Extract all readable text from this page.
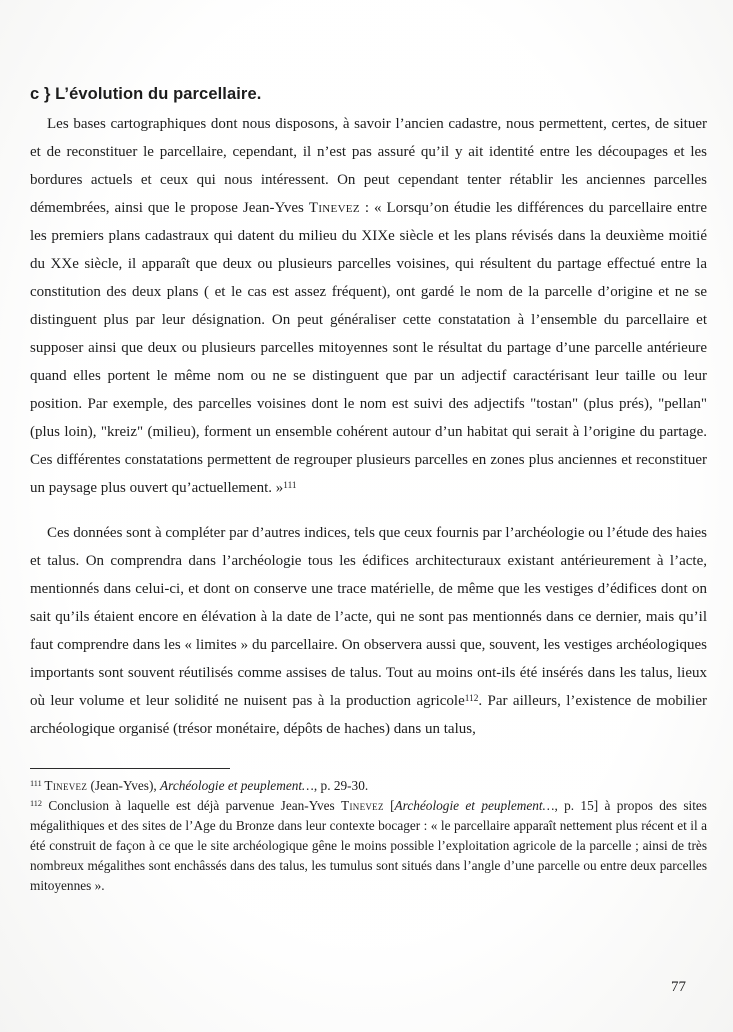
c } L’évolution du parcellaire.

Les bases cartographiques dont nous disposons, à savoir l’ancien cadastre, nous permettent, certes, de situer et de reconstituer le parcellaire, cependant, il n’est pas assuré qu’il y ait identité entre les découpages et les bordures actuels et ceux qui nous intéressent. On peut cependant tenter rétablir les anciennes parcelles démembrées, ainsi que le propose Jean-Yves Tinevez : « Lorsqu’on étudie les différences du parcellaire entre les premiers plans cadastraux qui datent du milieu du XIXe siècle et les plans révisés dans la deuxième moitié du XXe siècle, il apparaît que deux ou plusieurs parcelles voisines, qui résultent du partage effectué entre la constitution des deux plans ( et le cas est assez fréquent), ont gardé le nom de la parcelle d’origine et ne se distinguent plus par leur désignation. On peut généraliser cette constatation à l’ensemble du parcellaire et supposer ainsi que deux ou plusieurs parcelles mitoyennes sont le résultat du partage d’une parcelle antérieure quand elles portent le même nom ou ne se distinguent que par un adjectif caractérisant leur taille ou leur position. Par exemple, des parcelles voisines dont le nom est suivi des adjectifs "tostan" (plus prés), "pellan" (plus loin), "kreiz" (milieu), forment un ensemble cohérent autour d’un habitat qui serait à l’origine du partage. Ces différentes constatations permettent de regrouper plusieurs parcelles en zones plus anciennes et reconstituer un paysage plus ouvert qu’actuellement. »$^{111}$

Ces données sont à compléter par d’autres indices, tels que ceux fournis par l’archéologie ou l’étude des haies et talus. On comprendra dans l’archéologie tous les édifices architecturaux existant antérieurement à l’acte, mentionnés dans celui-ci, et dont on conserve une trace matérielle, de même que les vestiges d’édifices dont on sait qu’ils étaient encore en élévation à la date de l’acte, qui ne sont pas mentionnés dans ce dernier, mais qu’il faut comprendre dans les « limites » du parcellaire. On observera aussi que, souvent, les vestiges archéologiques importants sont souvent réutilisés comme assises de talus. Tout au moins ont-ils été insérés dans les talus, lieux où leur volume et leur solidité ne nuisent pas à la production agricole$^{112}$. Par ailleurs, l’existence de mobilier archéologique organisé (trésor monétaire, dépôts de haches) dans un talus,

$^{111}$  Tinevez (Jean-Yves), Archéologie et peuplement…, p. 29-30.

$^{112}$ Conclusion à laquelle est déjà parvenue Jean-Yves Tinevez [Archéologie et peuplement…, p. 15] à propos des sites mégalithiques et des sites de l’Age du Bronze dans leur contexte bocager : « le parcellaire apparaît nettement plus récent et il a été construit de façon à ce que le site archéologique gêne le moins possible l’exploitation agricole de la parcelle ; ainsi de très nombreux mégalithes sont enchâssés dans des talus, les tumulus sont situés dans l’angle d’une parcelle ou entre deux parcelles mitoyennes ».

77
